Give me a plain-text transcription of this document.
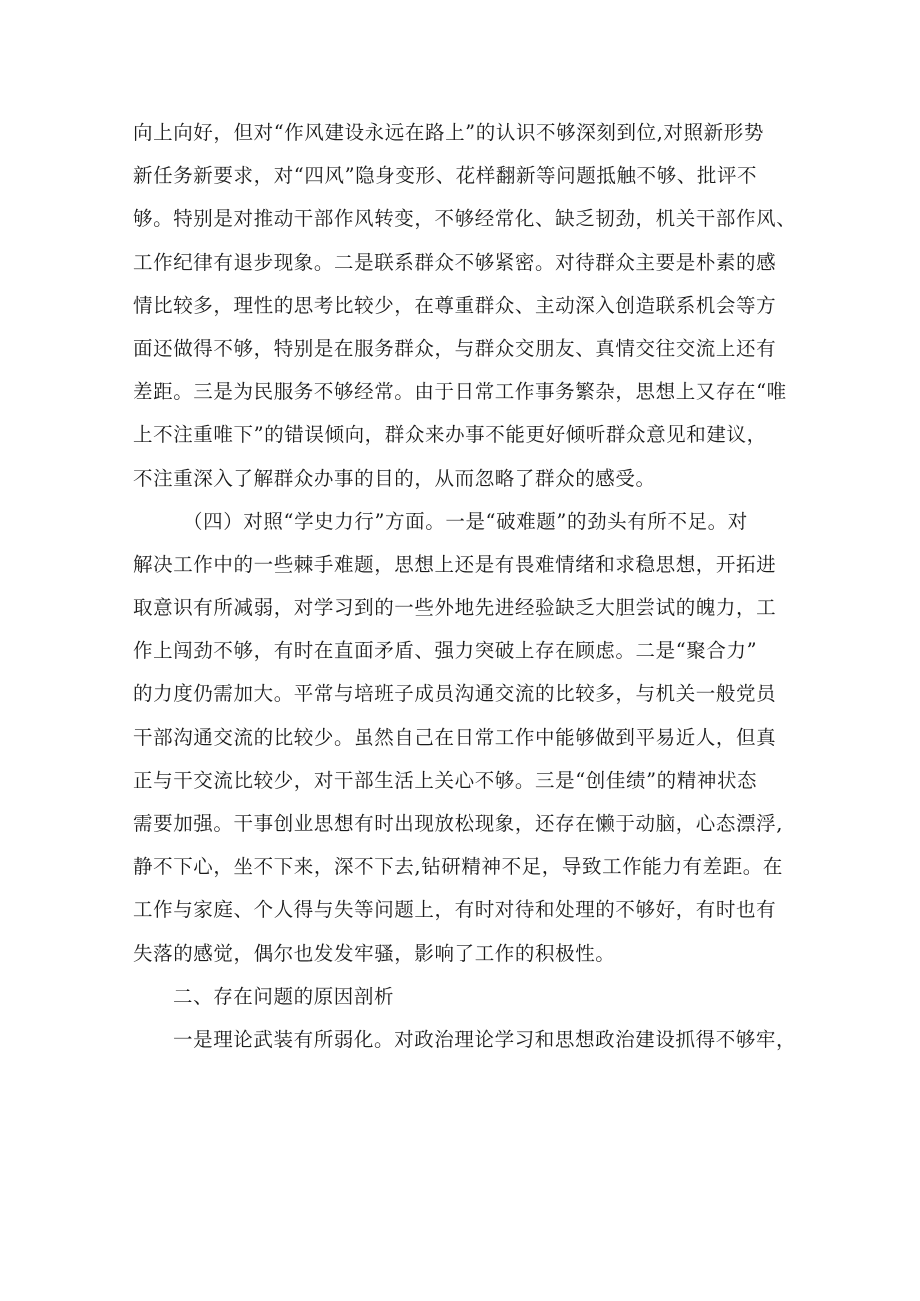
向上向好，但对“作风建设永远在路上”的认识不够深刻到位,对照新形势
新任务新要求，对“四风”隐身变形、花样翻新等问题抵触不够、批评不
够。特别是对推动干部作风转变，不够经常化、缺乏韧劲，机关干部作风、
工作纪律有退步现象。二是联系群众不够紧密。对待群众主要是朴素的感
情比较多，理性的思考比较少，在尊重群众、主动深入创造联系机会等方
面还做得不够，特别是在服务群众，与群众交朋友、真情交往交流上还有
差距。三是为民服务不够经常。由于日常工作事务繁杂，思想上又存在“唯
上不注重唯下”的错误倾向，群众来办事不能更好倾听群众意见和建议，
不注重深入了解群众办事的目的，从而忽略了群众的感受。
（四）对照“学史力行”方面。一是“破难题”的劲头有所不足。对
解决工作中的一些棘手难题，思想上还是有畏难情绪和求稳思想，开拓进
取意识有所减弱，对学习到的一些外地先进经验缺乏大胆尝试的魄力，工
作上闯劲不够，有时在直面矛盾、强力突破上存在顾虑。二是“聚合力”
的力度仍需加大。平常与培班子成员沟通交流的比较多，与机关一般党员
干部沟通交流的比较少。虽然自己在日常工作中能够做到平易近人，但真
正与干交流比较少，对干部生活上关心不够。三是“创佳绩”的精神状态
需要加强。干事创业思想有时出现放松现象，还存在懒于动脑，心态漂浮,
静不下心，坐不下来，深不下去,钻研精神不足，导致工作能力有差距。在
工作与家庭、个人得与失等问题上，有时对待和处理的不够好，有时也有
失落的感觉，偶尔也发发牢骚，影响了工作的积极性。
二、存在问题的原因剖析
一是理论武装有所弱化。对政治理论学习和思想政治建设抓得不够牢，
